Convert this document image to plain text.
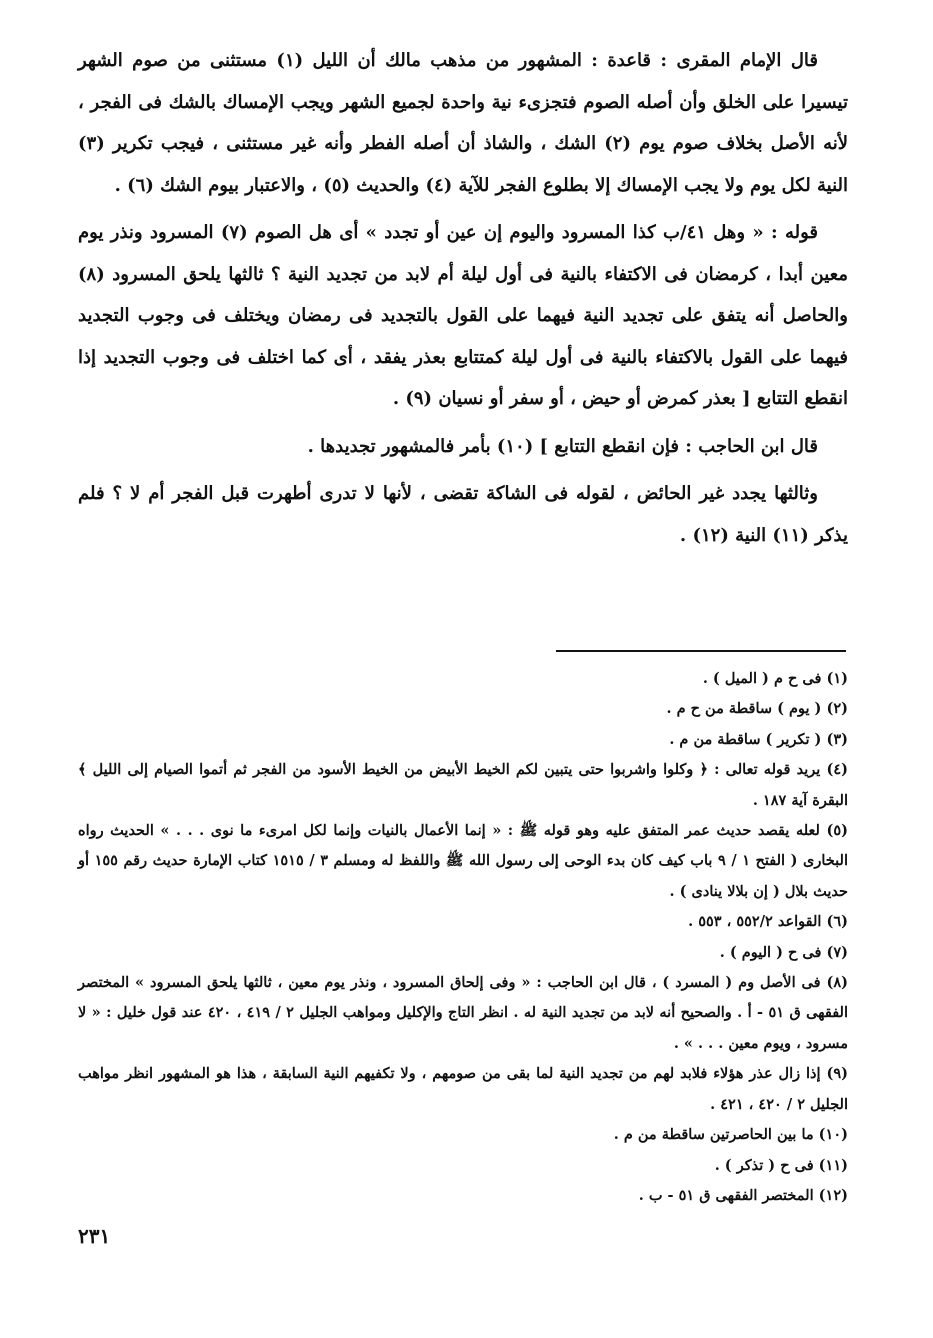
قال الإمام المقرى : قاعدة : المشهور من مذهب مالك أن الليل (١) مستثنى من صوم الشهر تيسيرا على الخلق وأن أصله الصوم فتجزىء نية واحدة لجميع الشهر ويجب الإمساك بالشك فى الفجر ، لأنه الأصل بخلاف صوم يوم (٢) الشك ، والشاذ أن أصله الفطر وأنه غير مستثنى ، فيجب تكرير (٣) النية لكل يوم ولا يجب الإمساك إلا بطلوع الفجر للآية (٤) والحديث (٥) ، والاعتبار بيوم الشك (٦) .

قوله : « وهل ٤١/ب كذا المسرود واليوم إن عين أو تجدد » أى هل الصوم (٧) المسرود ونذر يوم معين أبدا ، كرمضان فى الاكتفاء بالنية فى أول ليلة أم لابد من تجديد النية ؟ ثالثها يلحق المسرود (٨) والحاصل أنه يتفق على تجديد النية فيهما على القول بالتجديد فى رمضان ويختلف فى وجوب التجديد فيهما على القول بالاكتفاء بالنية فى أول ليلة كمتتابع بعذر يفقد ، أى كما اختلف فى وجوب التجديد إذا انقطع التتابع [ بعذر كمرض أو حيض ، أو سفر أو نسيان (٩) .

قال ابن الحاجب : فإن انقطع التتابع ] (١٠) بأمر فالمشهور تجديدها .

وثالثها يجدد غير الحائض ، لقوله فى الشاكة تقضى ، لأنها لا تدرى أطهرت قبل الفجر أم لا ؟ فلم يذكر (١١) النية (١٢) .

(١) فى ح م ( الميل ) .

(٢) ( يوم ) ساقطة من ح م .

(٣) ( تكرير ) ساقطة من م .

(٤) يريد قوله تعالى : ﴿ وكلوا واشربوا حتى يتبين لكم الخيط الأبيض من الخيط الأسود من الفجر ثم أتموا الصيام إلى الليل ﴾ البقرة آية ١٨٧ .

(٥) لعله يقصد حديث عمر المتفق عليه وهو قوله ﷺ : « إنما الأعمال بالنيات وإنما لكل امرىء ما نوى . . . » الحديث رواه البخارى ( الفتح ١ / ٩ باب كيف كان بدء الوحى إلى رسول الله ﷺ واللفظ له ومسلم ٣ / ١٥١٥ كتاب الإمارة حديث رقم ١٥٥ أو حديث بلال ( إن بلالا ينادى ) .

(٦) القواعد ٥٥٢/٢ ، ٥٥٣ .

(٧) فى ح ( اليوم ) .

(٨) فى الأصل وم ( المسرد ) ، قال ابن الحاجب : « وفى إلحاق المسرود ، ونذر يوم معين ، ثالثها يلحق المسرود » المختصر الفقهى ق ٥١ - أ . والصحيح أنه لابد من تجديد النية له . انظر التاج والإكليل ومواهب الجليل ٢ / ٤١٩ ، ٤٢٠ عند قول خليل : « لا مسرود ، ويوم معين . . . » .

(٩) إذا زال عذر هؤلاء فلابد لهم من تجديد النية لما بقى من صومهم ، ولا تكفيهم النية السابقة ، هذا هو المشهور انظر مواهب الجليل ٢ / ٤٢٠ ، ٤٢١ .

(١٠) ما بين الحاصرتين ساقطة من م .

(١١) فى ح ( تذكر ) .

(١٢) المختصر الفقهى ق ٥١ - ب .

٢٣١
